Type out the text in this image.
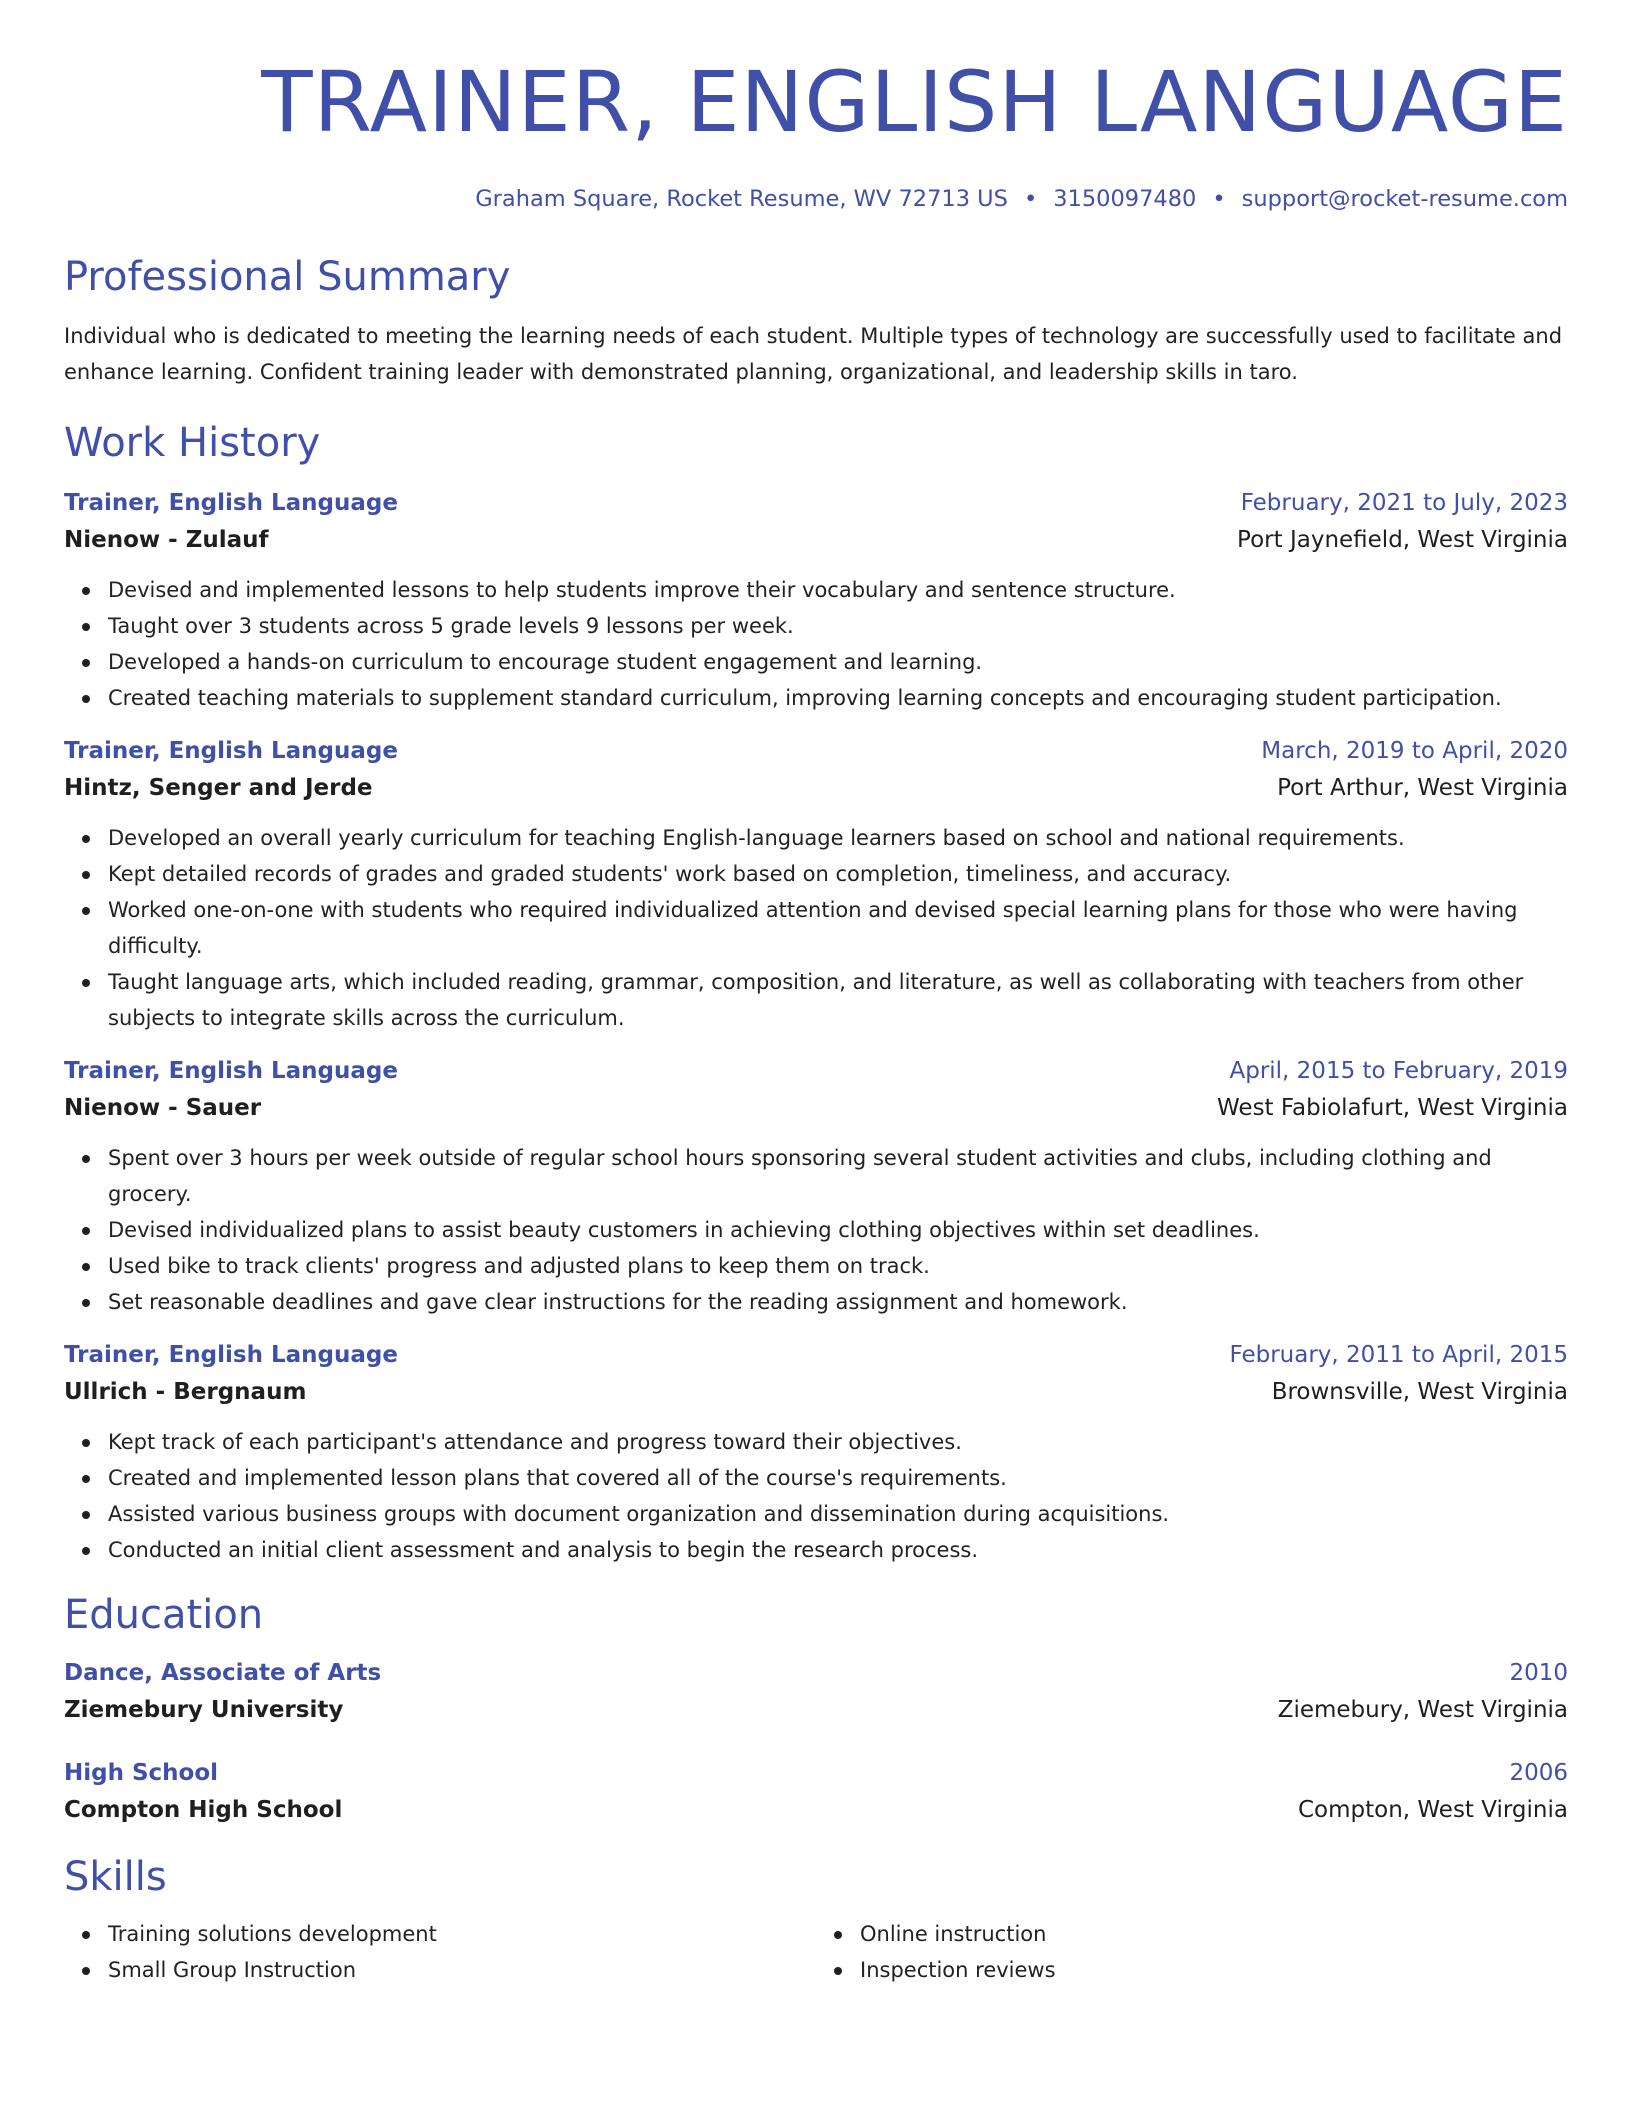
TRAINER, ENGLISH LANGUAGE
Graham Square, Rocket Resume, WV 72713 US • 3150097480 • support@rocket-resume.com
Professional Summary
Individual who is dedicated to meeting the learning needs of each student. Multiple types of technology are successfully used to facilitate and enhance learning. Confident training leader with demonstrated planning, organizational, and leadership skills in taro.
Work History
Trainer, English Language	February, 2021 to July, 2023
Nienow - Zulauf	Port Jaynefield, West Virginia
Devised and implemented lessons to help students improve their vocabulary and sentence structure.
Taught over 3 students across 5 grade levels 9 lessons per week.
Developed a hands-on curriculum to encourage student engagement and learning.
Created teaching materials to supplement standard curriculum, improving learning concepts and encouraging student participation.
Trainer, English Language	March, 2019 to April, 2020
Hintz, Senger and Jerde	Port Arthur, West Virginia
Developed an overall yearly curriculum for teaching English-language learners based on school and national requirements.
Kept detailed records of grades and graded students' work based on completion, timeliness, and accuracy.
Worked one-on-one with students who required individualized attention and devised special learning plans for those who were having difficulty.
Taught language arts, which included reading, grammar, composition, and literature, as well as collaborating with teachers from other subjects to integrate skills across the curriculum.
Trainer, English Language	April, 2015 to February, 2019
Nienow - Sauer	West Fabiolafurt, West Virginia
Spent over 3 hours per week outside of regular school hours sponsoring several student activities and clubs, including clothing and grocery.
Devised individualized plans to assist beauty customers in achieving clothing objectives within set deadlines.
Used bike to track clients' progress and adjusted plans to keep them on track.
Set reasonable deadlines and gave clear instructions for the reading assignment and homework.
Trainer, English Language	February, 2011 to April, 2015
Ullrich - Bergnaum	Brownsville, West Virginia
Kept track of each participant's attendance and progress toward their objectives.
Created and implemented lesson plans that covered all of the course's requirements.
Assisted various business groups with document organization and dissemination during acquisitions.
Conducted an initial client assessment and analysis to begin the research process.
Education
Dance, Associate of Arts	2010
Ziemebury University	Ziemebury, West Virginia
High School	2006
Compton High School	Compton, West Virginia
Skills
Training solutions development
Small Group Instruction
Online instruction
Inspection reviews
